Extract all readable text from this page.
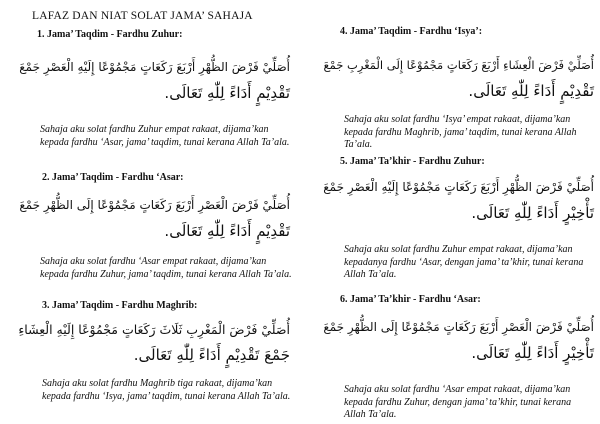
LAFAZ DAN NIAT SOLAT JAMA’ SAHAJA

1. Jama’ Taqdim - Fardhu Zuhur:

أُصَلِّيْ فَرْضَ الظُّهْرِ أَرْبَعَ رَكَعَاتٍ مَجْمُوْعًا إِلَيْهِ الْعَصْرِ جَمْعَ

تَقْدِيْمٍ أَدَاءً لِلّٰهِ تَعَالَى.

Sahaja aku solat fardhu Zuhur empat rakaat, dijama’kan kepada fardhu ‘Asar, jama’ taqdim, tunai kerana Allah Ta’ala.

2. Jama’ Taqdim - Fardhu ‘Asar:

أُصَلِّيْ فَرْضَ الْعَصْرِ أَرْبَعَ رَكَعَاتٍ مَجْمُوْعًا إِلَى الظُّهْرِ جَمْعَ

تَقْدِيْمٍ أَدَاءً لِلّٰهِ تَعَالَى.

Sahaja aku solat fardhu ‘Asar empat rakaat, dijama’kan kepada fardhu Zuhur, jama’ taqdim, tunai kerana Allah Ta’ala.

3. Jama’ Taqdim - Fardhu Maghrib:

أُصَلِّيْ فَرْضَ الْمَغْرِبِ ثَلَاثَ رَكَعَاتٍ مَجْمُوْعًا إِلَيْهِ الْعِشَاءِ

جَمْعَ تَقْدِيْمٍ أَدَاءً لِلّٰهِ تَعَالَى.

Sahaja aku solat fardhu Maghrib tiga rakaat, dijama’kan kepada fardhu ‘Isya, jama’ taqdim, tunai kerana Allah Ta’ala.

4. Jama’ Taqdim - Fardhu ‘Isya’:

أُصَلِّيْ فَرْضَ الْعِشَاءِ أَرْبَعَ رَكَعَاتٍ مَجْمُوْعًا إِلَى الْمَغْرِبِ جَمْعَ

تَقْدِيْمٍ أَدَاءً لِلّٰهِ تَعَالَى.

Sahaja aku solat fardhu ‘Isya’ empat rakaat, dijama’kan kepada fardhu Maghrib, jama’ taqdim, tunai kerana Allah Ta’ala.

5. Jama’ Ta’khir - Fardhu Zuhur:

أُصَلِّيْ فَرْضَ الظُّهْرِ أَرْبَعَ رَكَعَاتٍ مَجْمُوْعًا إِلَيْهِ الْعَصْرِ جَمْعَ

تَأْخِيْرٍ أَدَاءً لِلّٰهِ تَعَالَى.

Sahaja aku solat fardhu Zuhur empat rakaat, dijama’kan kepadanya fardhu ‘Asar, dengan jama’ ta’khir, tunai kerana Allah Ta’ala.

6. Jama’ Ta’khir - Fardhu ‘Asar:

أُصَلِّيْ فَرْضَ الْعَصْرِ أَرْبَعَ رَكَعَاتٍ مَجْمُوْعًا إِلَى الظُّهْرِ جَمْعَ

تَأْخِيْرٍ أَدَاءً لِلّٰهِ تَعَالَى.

Sahaja aku solat fardhu ‘Asar empat rakaat, dijama’kan kepada fardhu Zuhur, dengan jama’ ta’khir, tunai kerana Allah Ta’ala.
